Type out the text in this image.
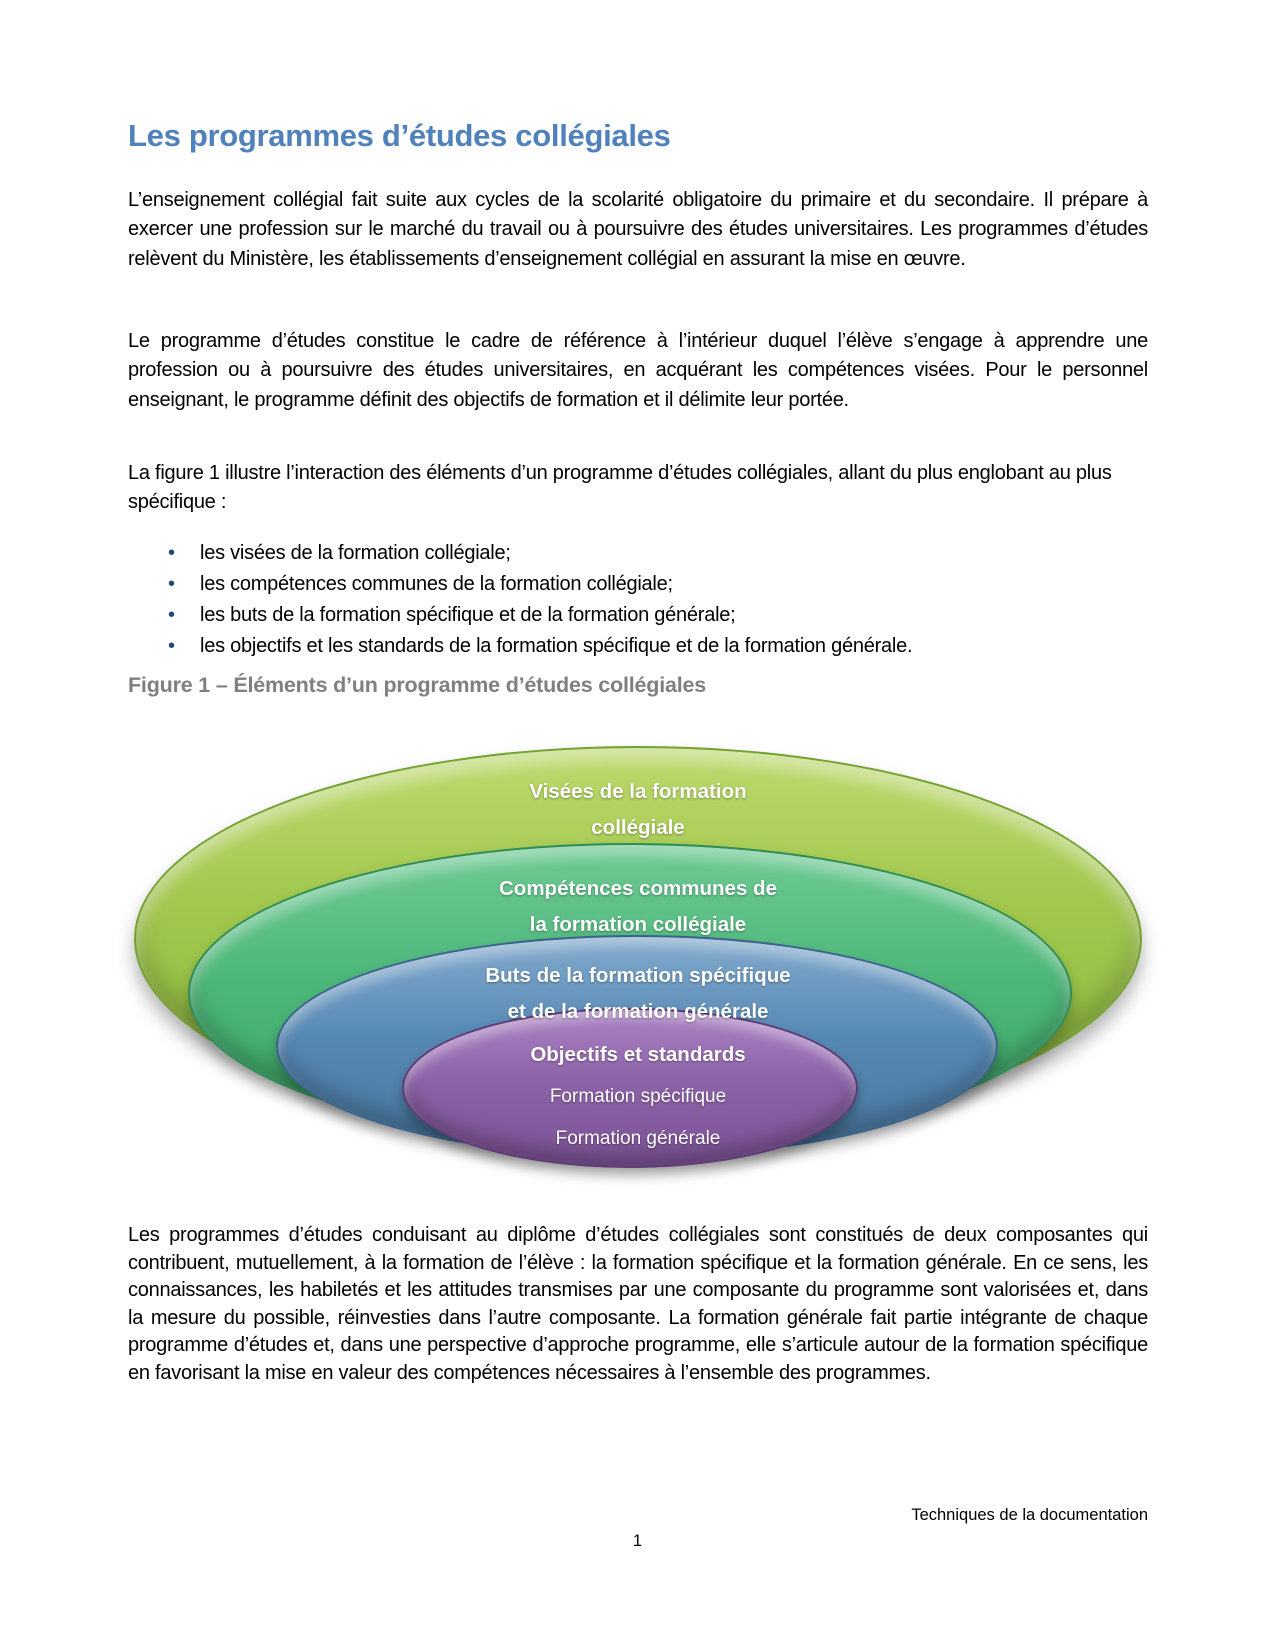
Les programmes d’études collégiales

L’enseignement collégial fait suite aux cycles de la scolarité obligatoire du primaire et du secondaire. Il prépare à exercer une profession sur le marché du travail ou à poursuivre des études universitaires. Les programmes d’études relèvent du Ministère, les établissements d’enseignement collégial en assurant la mise en œuvre.

Le programme d’études constitue le cadre de référence à l’intérieur duquel l’élève s’engage à apprendre une profession ou à poursuivre des études universitaires, en acquérant les compétences visées. Pour le personnel enseignant, le programme définit des objectifs de formation et il délimite leur portée.

La figure 1 illustre l’interaction des éléments d’un programme d’études collégiales, allant du plus englobant au plus spécifique :

• les visées de la formation collégiale;
• les compétences communes de la formation collégiale;
• les buts de la formation spécifique et de la formation générale;
• les objectifs et les standards de la formation spécifique et de la formation générale.
Figure 1 – Éléments d’un programme d’études collégiales
Visées de la formation
collégiale
Compétences communes de
la formation collégiale
Buts de la formation spécifique
et de la formation générale
Objectifs et standards
Formation spécifique
Formation générale

Les programmes d’études conduisant au diplôme d’études collégiales sont constitués de deux composantes qui contribuent, mutuellement, à la formation de l’élève : la formation spécifique et la formation générale. En ce sens, les connaissances, les habiletés et les attitudes transmises par une composante du programme sont valorisées et, dans la mesure du possible, réinvesties dans l’autre composante. La formation générale fait partie intégrante de chaque programme d’études et, dans une perspective d’approche programme, elle s’articule autour de la formation spécifique en favorisant la mise en valeur des compétences nécessaires à l’ensemble des programmes.

Techniques de la documentation
1
